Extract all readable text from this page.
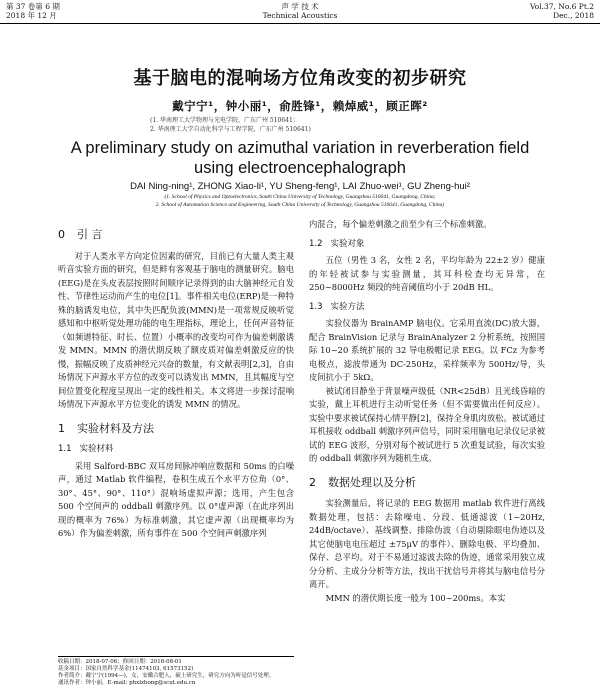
第 37 卷第 6 期
2018 年 12 月
声 学 技 术
Technical Acoustics
Vol.37, No.6 Pt.2
Dec., 2018
基于脑电的混响场方位角改变的初步研究
戴宁宁¹，钟小丽¹，俞胜锋¹，赖焯威¹，顾正晖²
(1. 华南理工大学物理与光电学院，广东广州 510641；
2. 华南理工大学自动化科学与工程学院，广东广州 510641)
A preliminary study on azimuthal variation in reverberation field
using electroencephalograph
DAI Ning-ning¹, ZHONG Xiao-li¹, YU Sheng-feng¹, LAI Zhuo-wei¹, GU Zheng-hui²
(1. School of Physics and Optoelectronics, South China University of Technology, Guangzhou 510641, Guangdong, China;
2. School of Automation Science and Engineering, South China University of Technology, Guangzhou 510641, Guangdong, China)
0 引 言

对于人类水平方向定位因素的研究，目前已有大量人类主观听音实验方面的研究，但是鲜有客观基于脑电的测量研究。脑电(EEG)是在头皮表层按照时间顺序记录得到的由大脑神经元自发性、节律性运动而产生的电位[1]。事件相关电位(ERP)是一种特殊的脑诱发电位，其中失匹配负波(MMN)是一项常规反映听觉感知和中枢听觉处理功能的电生理指标，理论上，任何声音特征（如频谱特征、时长、位置）小概率的改变均可作为偏差刺激诱发 MMN。MMN 的潜伏期反映了额皮质对偏差刺激反应的快慢，振幅反映了皮质神经元兴奋的数量，有文献表明[2,3]，自由场情况下声源水平方位的改变可以诱发出 MMN，且其幅度与空间位置变化程度呈现出一定的线性相关。本文将进一步探讨混响场情况下声源水平方位变化的诱发 MMN 的情况。

1 实验材料及方法
1.1 实验材料

采用 Salford-BBC 双耳房间脉冲响应数据和 50ms 的白噪声，通过 Matlab 软件编程，卷积生成五个水平方位角（0°、30°、45°、90°、110°）混响场虚拟声源；选用，产生包含 500 个空间声的 oddball 刺激序列。以 0°虚声源（在此序列出现的概率为 76%）为标准刺激，其它虚声源（出现概率均为 6%）作为偏差刺激，所有事件在 500 个空间声刺激序列

内混合，每个偏差刺激之前至少有三个标准刺激。

1.2 实验对象

五位（男性 3 名，女性 2 名，平均年龄为 22±2 岁）健康的年轻被试参与实验测量，其耳科检查均无异常，在 250~8000Hz 频段的纯音阈值均小于 20dB HL。

1.3 实验方法

实验仪器为 BrainAMP 脑电仪。它采用直流(DC)放大器，配合 BrainVision 记录与 BrainAnalyzer 2 分析系统，按照国际 10~20 系统扩展的 32 导电极帽记录 EEG。以 FCz 为参考电极点，滤波带通为 DC-250Hz，采样频率为 500Hz/导，头皮间抗小于 5kΩ。

被试闭目静坐于背景噪声级低（NR<25dB）且光线昏暗的实验，戴上耳机进行主动听觉任务（但不需要做出任何反应）。实验中要求被试保持心情平静[2]，保持全身肌肉放松。被试通过耳机接收 oddball 刺激序列声信号，同时采用脑电记录仪记录被试的 EEG 波形，分别对每个被试进行 5 次重复试验，每次实验的 oddball 刺激序列为随机生成。

2 数据处理以及分析

实验测量后，将记录的 EEG 数据用 matlab 软件进行离线数据处理，包括：去除噪电、分段、低通滤波（1~20Hz, 24dB/octave）、基线调整、排除伪波（自动剔除眼电伪迹以及其它使脑电电压超过 ±75μV 的事件）、删除电极、平均叠加、保存、总平均。对于不易通过滤波去除的伪迹，通常采用独立成分分析、主成分分析等方法，找出干扰信号并将其与脑电信号分离开。

MMN 的潜伏期长度一般为 100~200ms。本实

收稿日期：2018-07-06；修回日期：2018-08-01
基金项目：国家自然科学基金(11474103, 61573152)
作者简介：戴宁宁(1994—)，女，安徽合肥人，硕士研究生，研究方向为听觉信号处理。
通讯作者：钟小丽，E-mail: phxlzhong@scut.edu.cn
